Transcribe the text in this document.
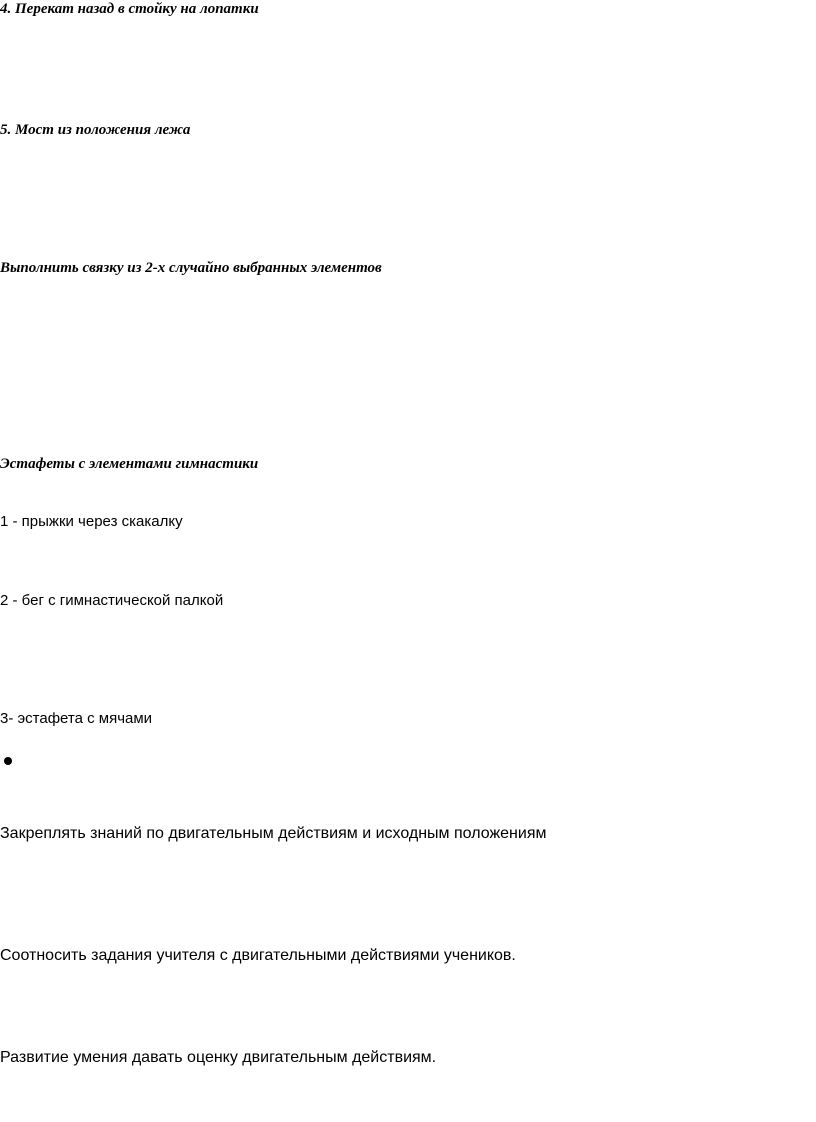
4. Перекат назад в стойку на лопатки
5. Мост из положения лежа
Выполнить связку из 2-х случайно выбранных элементов
Эстафеты с элементами гимнастики
1 - прыжки через скакалку
2 - бег с гимнастической палкой
3- эстафета с мячами
Закреплять знаний по двигательным действиям и исходным положениям
Соотносить задания учителя с двигательными действиями учеников.
Развитие умения давать оценку двигательным действиям.
